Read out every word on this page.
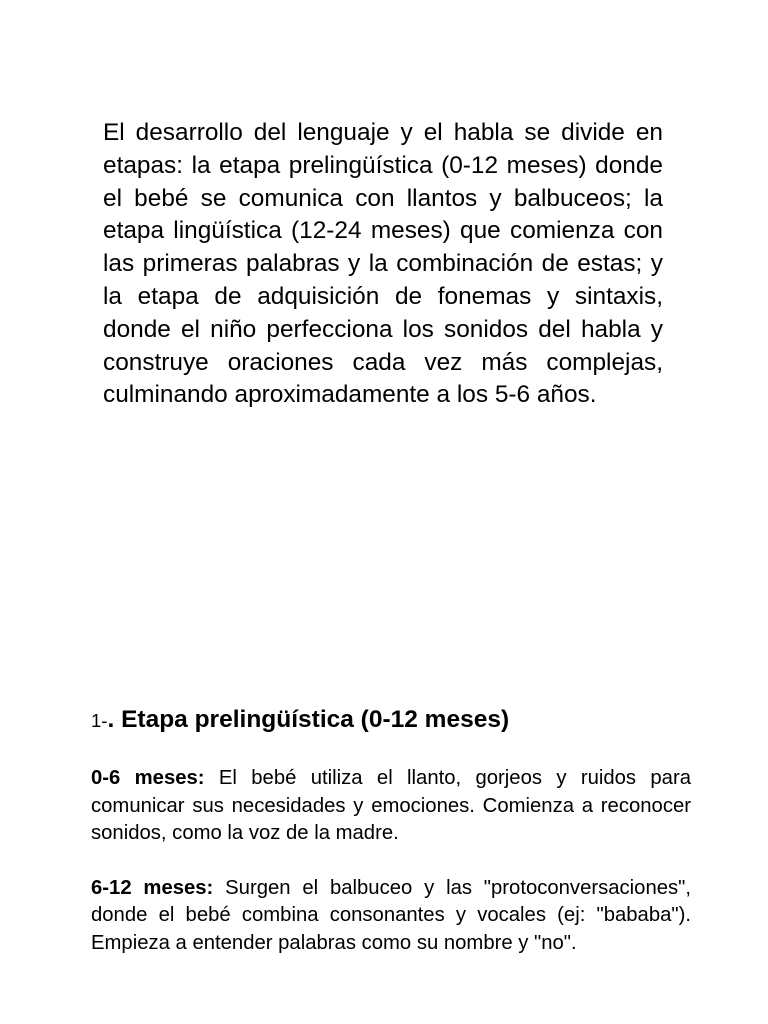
El desarrollo del lenguaje y el habla se divide en etapas: la etapa prelingüística (0-12 meses) donde el bebé se comunica con llantos y balbuceos; la etapa lingüística (12-24 meses) que comienza con las primeras palabras y la combinación de estas; y la etapa de adquisición de fonemas y sintaxis, donde el niño perfecciona los sonidos del habla y construye oraciones cada vez más complejas, culminando aproximadamente a los 5-6 años.

1-. Etapa prelingüística (0-12 meses)

0-6 meses: El bebé utiliza el llanto, gorjeos y ruidos para comunicar sus necesidades y emociones. Comienza a reconocer sonidos, como la voz de la madre.

6-12 meses: Surgen el balbuceo y las "protoconversaciones", donde el bebé combina consonantes y vocales (ej: "bababa"). Empieza a entender palabras como su nombre y "no".
